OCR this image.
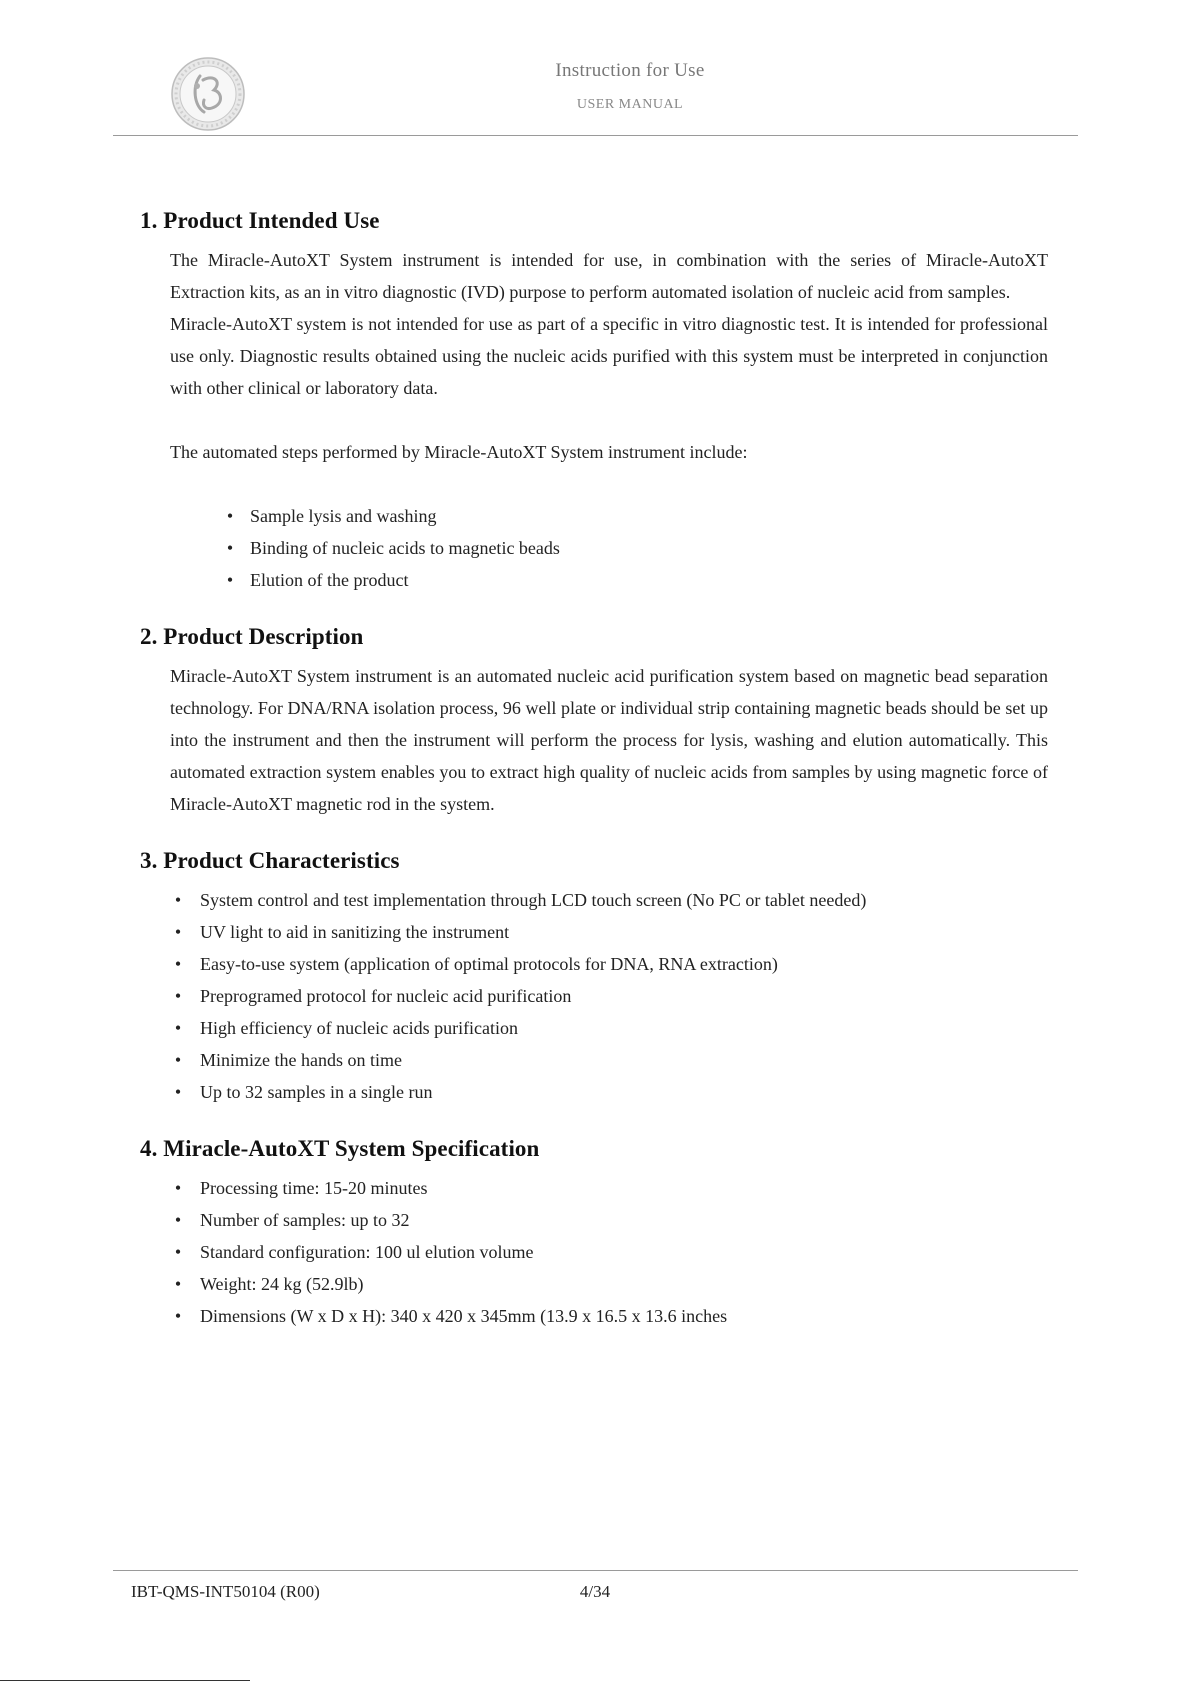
Instruction for Use
USER MANUAL
1. Product Intended Use

The Miracle-AutoXT System instrument is intended for use, in combination with the series of Miracle-AutoXT Extraction kits, as an in vitro diagnostic (IVD) purpose to perform automated isolation of nucleic acid from samples.

Miracle-AutoXT system is not intended for use as part of a specific in vitro diagnostic test. It is intended for professional use only. Diagnostic results obtained using the nucleic acids purified with this system must be interpreted in conjunction with other clinical or laboratory data.

The automated steps performed by Miracle-AutoXT System instrument include:

• Sample lysis and washing
• Binding of nucleic acids to magnetic beads
• Elution of the product
2. Product Description

Miracle-AutoXT System instrument is an automated nucleic acid purification system based on magnetic bead separation technology. For DNA/RNA isolation process, 96 well plate or individual strip containing magnetic beads should be set up into the instrument and then the instrument will perform the process for lysis, washing and elution automatically. This automated extraction system enables you to extract high quality of nucleic acids from samples by using magnetic force of Miracle-AutoXT magnetic rod in the system.

3. Product Characteristics
•	System control and test implementation through LCD touch screen (No PC or tablet needed)
•	UV light to aid in sanitizing the instrument
•	Easy-to-use system (application of optimal protocols for DNA, RNA extraction)
•	Preprogramed protocol for nucleic acid purification
•	High efficiency of nucleic acids purification
•	Minimize the hands on time
•	Up to 32 samples in a single run
4. Miracle-AutoXT System Specification
•	Processing time: 15-20 minutes
•	Number of samples: up to 32
•	Standard configuration: 100 ul elution volume
•	Weight: 24 kg (52.9lb)
•	Dimensions (W x D x H): 340 x 420 x 345mm (13.9 x 16.5 x 13.6 inches
IBT-QMS-INT50104 (R00)	4/34
